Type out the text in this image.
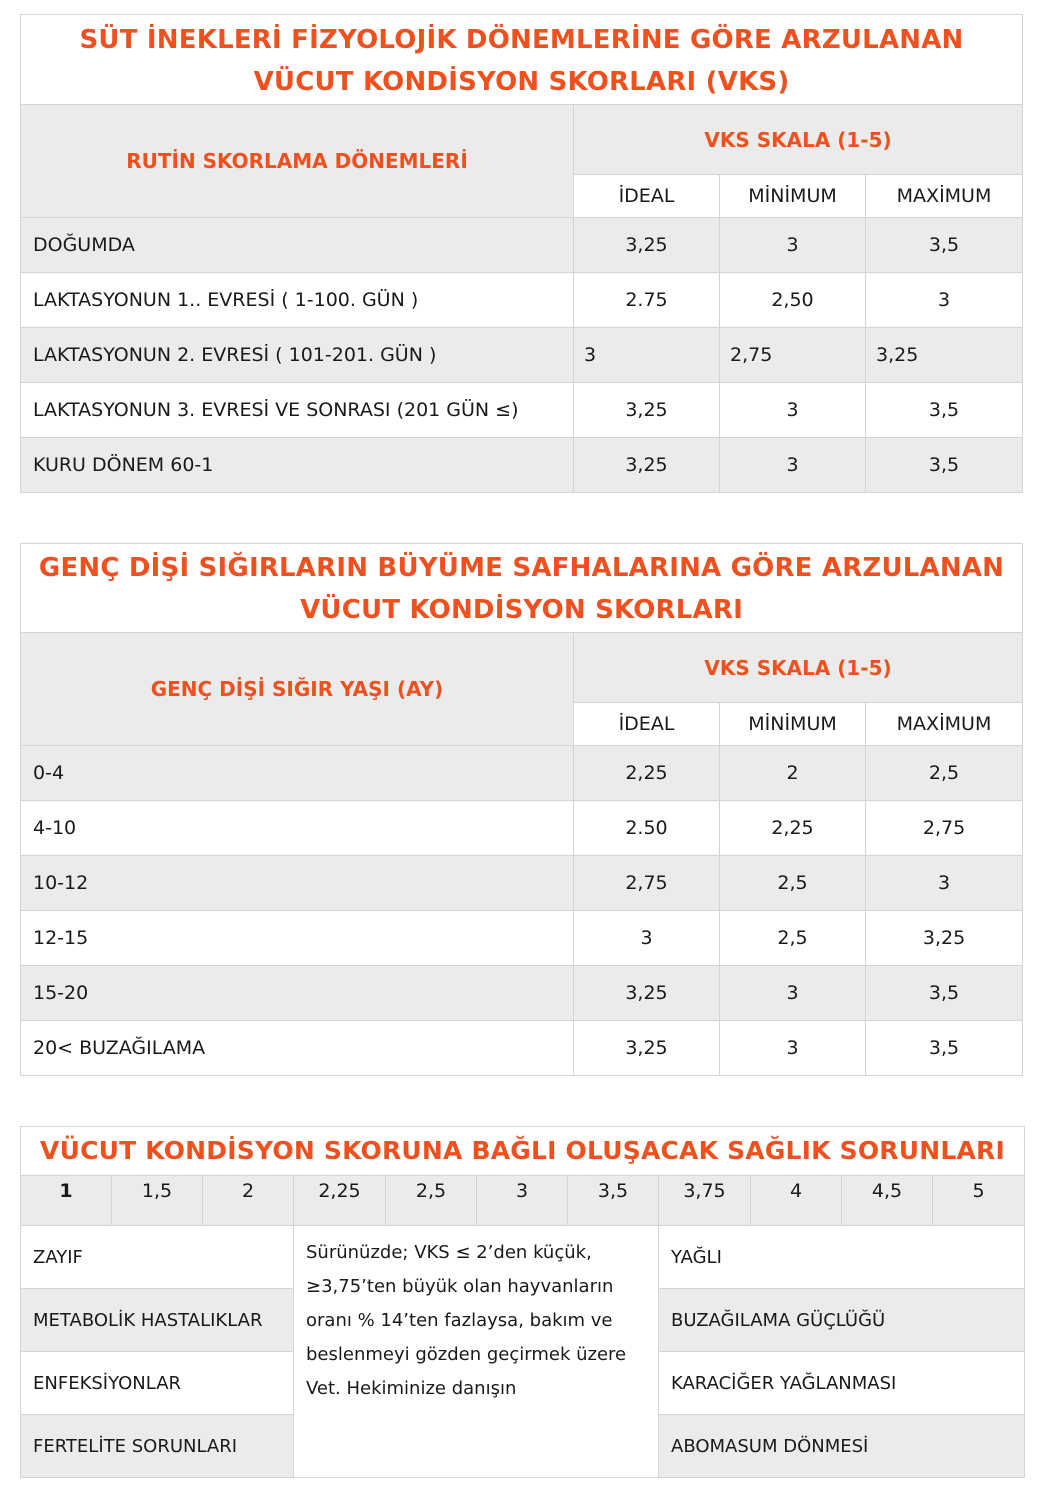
SÜT İNEKLERİ FİZYOLOJİK DÖNEMLERİNE GÖRE ARZULANAN
VÜCUT KONDİSYON SKORLARI (VKS)			

RUTİN SKORLAMA DÖNEMLERİ	VKS SKALA (1-5)		
	İDEAL	MİNİMUM	MAXİMUM
DOĞUMDA	3,25	3	3,5
LAKTASYONUN 1.. EVRESİ ( 1-100. GÜN )	2.75	2,50	3
LAKTASYONUN 2. EVRESİ ( 101-201. GÜN )	3	2,75	3,25
LAKTASYONUN 3. EVRESİ VE SONRASI (201 GÜN ≤)	3,25	3	3,5
KURU DÖNEM 60-1	3,25	3	3,5
GENÇ DİŞİ SIĞIRLARIN BÜYÜME SAFHALARINA GÖRE ARZULANAN
VÜCUT KONDİSYON SKORLARI			

GENÇ DİŞİ SIĞIR YAŞI (AY)	VKS SKALA (1-5)		
	İDEAL	MİNİMUM	MAXİMUM
0-4	2,25	2	2,5
4-10	2.50	2,25	2,75
10-12	2,75	2,5	3
12-15	3	2,5	3,25
15-20	3,25	3	3,5
20< BUZAĞILAMA	3,25	3	3,5
VÜCUT KONDİSYON SKORUNA BAĞLI OLUŞACAK SAĞLIK SORUNLARI										
1	1,5	2	2,25	2,5	3	3,5	3,75	4	4,5	5
ZAYIF			Sürünüzde; VKS ≤ 2’den küçük, ≥3,75’ten büyük olan hayvanların oranı % 14’ten fazlaysa, bakım ve beslenmeyi gözden geçirmek üzere Vet. Hekiminize danışın				YAĞLI			
METABOLİK HASTALIKLAR							BUZAĞILAMA GÜÇLÜĞÜ			
ENFEKSİYONLAR							KARACİĞER YAĞLANMASI			
FERTELİTE SORUNLARI							ABOMASUM DÖNMESİ			
